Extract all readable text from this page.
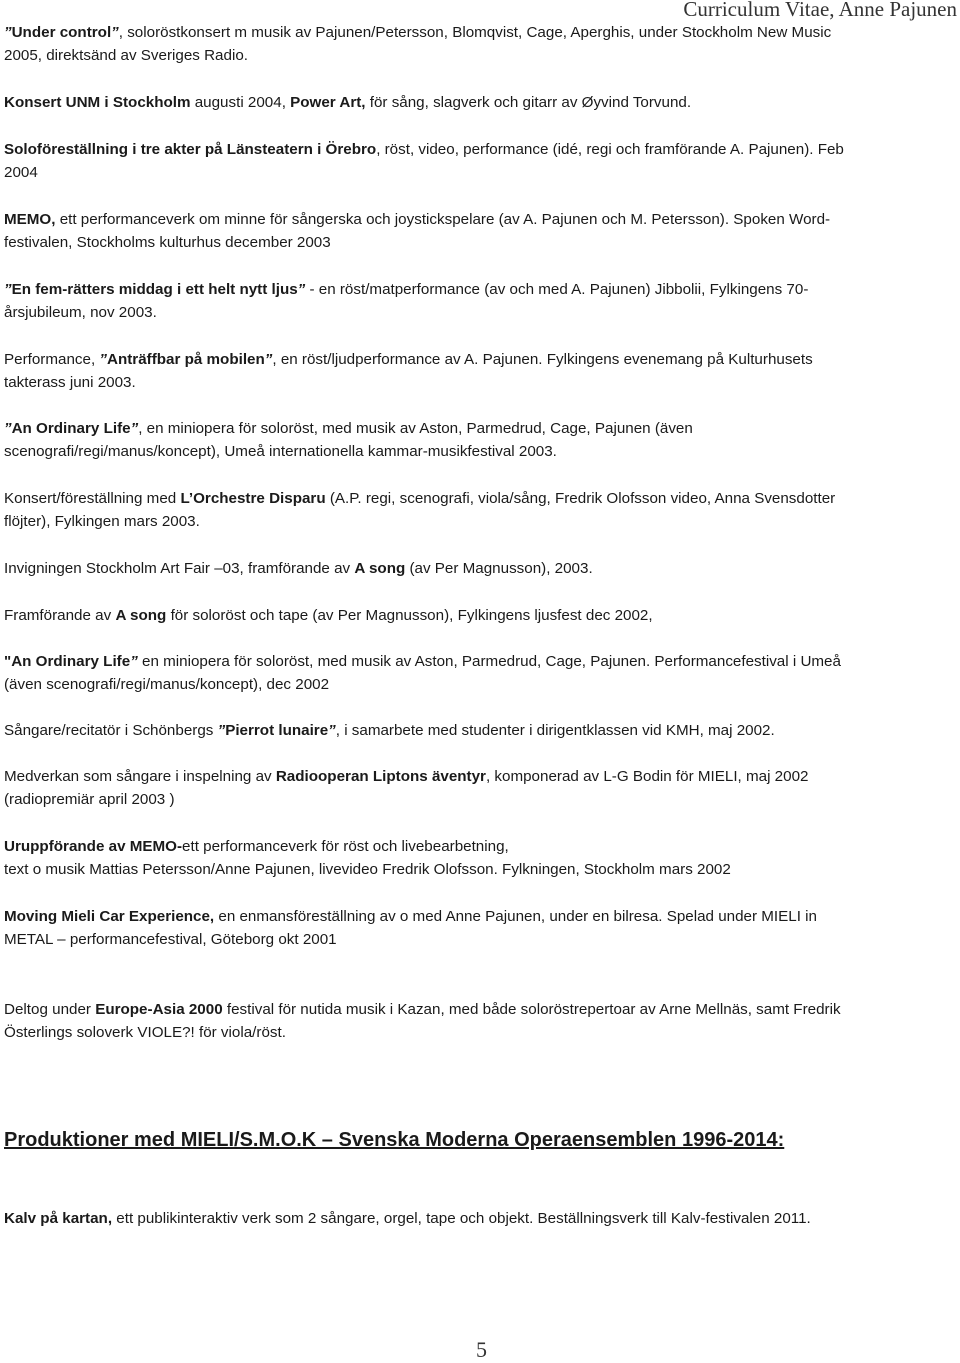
Curriculum Vitae, Anne Pajunen
”Under control”, soloröstkonsert m musik av Pajunen/Petersson, Blomqvist, Cage, Aperghis, under Stockholm New Music
2005, direktsänd av Sveriges Radio.
Konsert UNM i Stockholm augusti 2004, Power Art, för sång, slagverk och gitarr av Øyvind Torvund.
Soloföreställning i tre akter på Länsteatern i Örebro, röst, video, performance (idé, regi och framförande A. Pajunen). Feb
2004
MEMO, ett performanceverk om minne för sångerska och joystickspelare (av A. Pajunen och M. Petersson). Spoken Word-
festivalen, Stockholms kulturhus december 2003
”En fem-rätters middag i ett helt nytt ljus” - en röst/matperformance (av och med A. Pajunen) Jibbolii, Fylkingens 70-
årsjubileum, nov 2003.
Performance, ”Anträffbar på mobilen”, en röst/ljudperformance av A. Pajunen. Fylkingens evenemang på Kulturhusets
takterass juni 2003.
”An Ordinary Life”, en miniopera för soloröst, med musik av Aston, Parmedrud, Cage, Pajunen (även
scenografi/regi/manus/koncept), Umeå internationella kammar-musikfestival 2003.
Konsert/föreställning med L’Orchestre Disparu (A.P. regi, scenografi, viola/sång, Fredrik Olofsson video, Anna Svensdotter
flöjter), Fylkingen mars 2003.
Invigningen Stockholm Art Fair –03, framförande av A song (av Per Magnusson), 2003.
Framförande av A song för soloröst och tape (av Per Magnusson), Fylkingens ljusfest dec 2002,
"An Ordinary Life” en miniopera för soloröst, med musik av Aston, Parmedrud, Cage, Pajunen. Performancefestival i Umeå
(även scenografi/regi/manus/koncept), dec 2002
Sångare/recitatör i Schönbergs ”Pierrot lunaire”, i samarbete med studenter i dirigentklassen vid KMH, maj 2002.
Medverkan som sångare i inspelning av Radiooperan Liptons äventyr, komponerad av L-G Bodin för MIELI, maj 2002
(radiopremiär april 2003 )
Uruppförande av MEMO-ett performanceverk för röst och livebearbetning,
text o musik Mattias Petersson/Anne Pajunen, livevideo Fredrik Olofsson. Fylkningen, Stockholm mars 2002
Moving Mieli Car Experience, en enmansföreställning av o med Anne Pajunen, under en bilresa. Spelad under MIELI in
METAL – performancefestival, Göteborg okt 2001
Deltog under Europe-Asia 2000 festival för nutida musik i Kazan, med både soloröstrepertoar av Arne Mellnäs, samt Fredrik
Österlings soloverk VIOLE?! för viola/röst.
Produktioner med MIELI/S.M.O.K – Svenska Moderna Operaensemblen 1996-2014:
Kalv på kartan, ett publikinteraktiv verk som 2 sångare, orgel, tape och objekt. Beställningsverk till Kalv-festivalen 2011.
5
